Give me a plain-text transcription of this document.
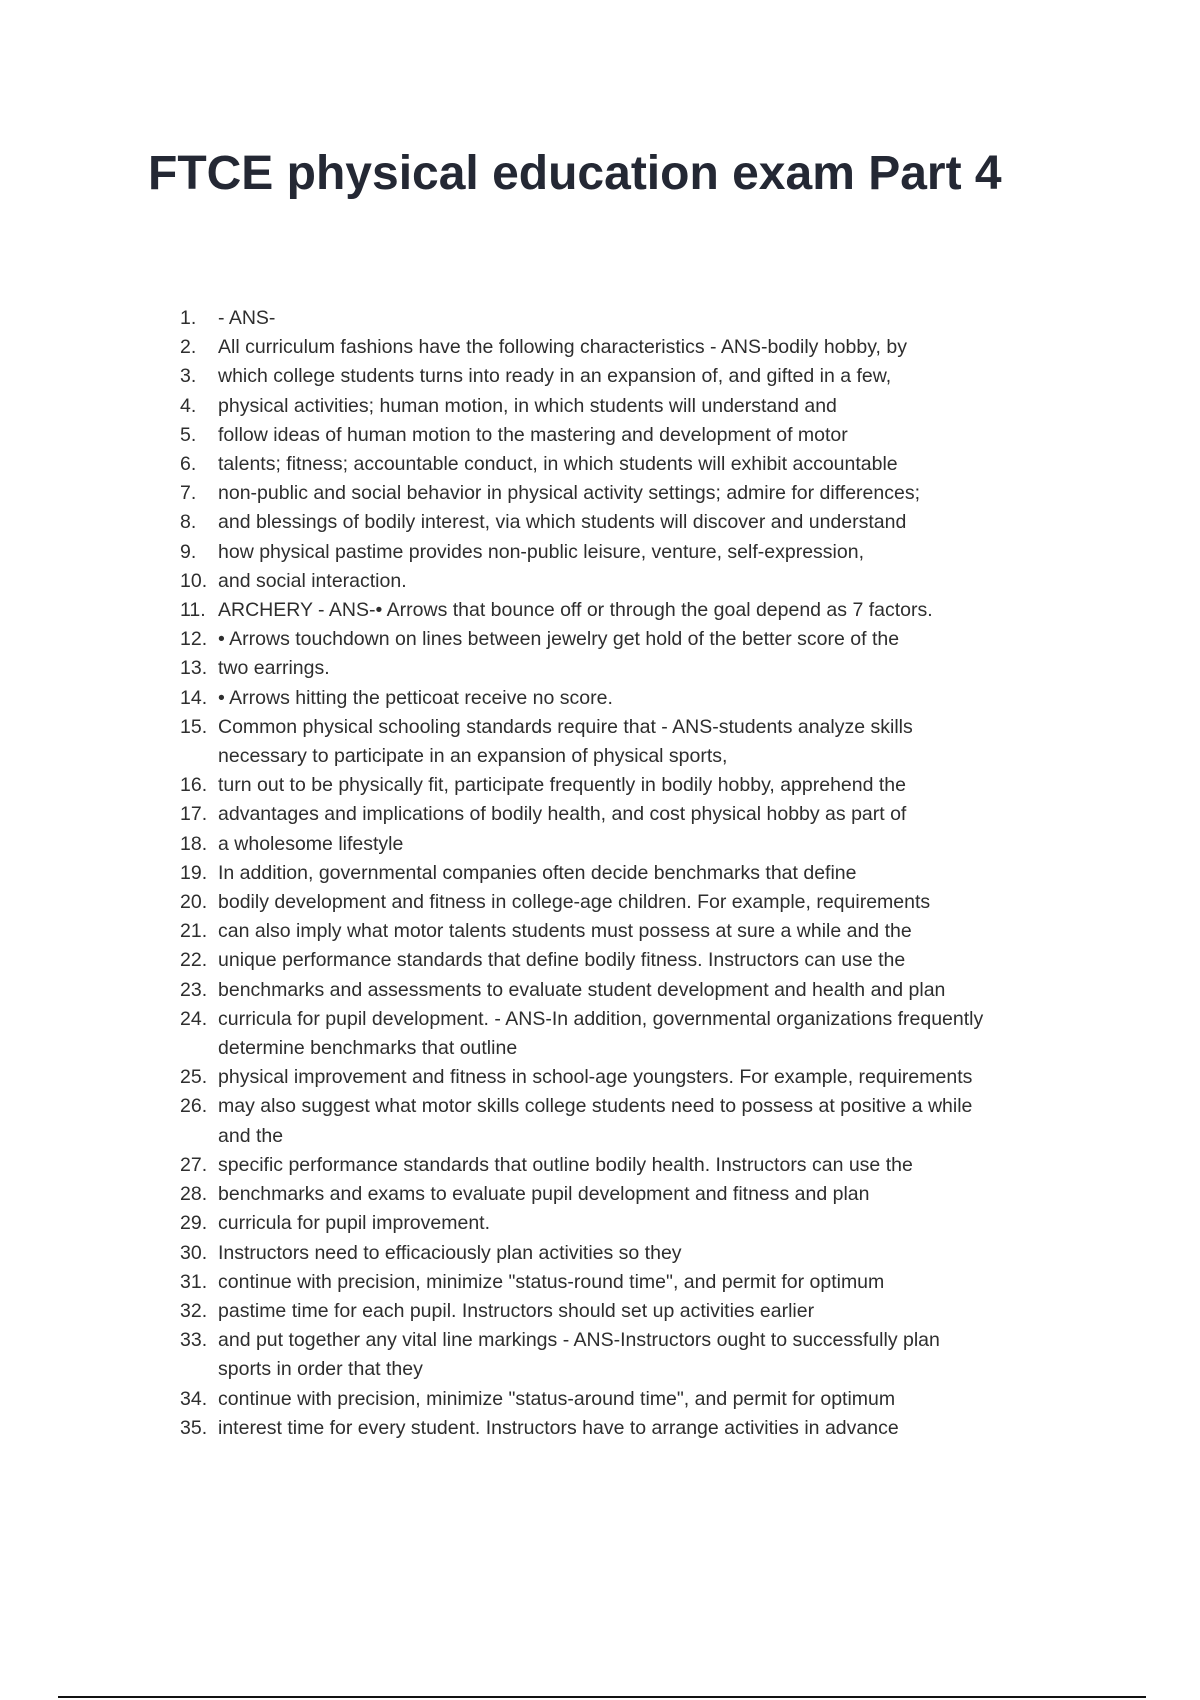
FTCE physical education exam Part 4
1. - ANS-
2. All curriculum fashions have the following characteristics - ANS-bodily hobby, by
3. which college students turns into ready in an expansion of, and gifted in a few,
4. physical activities; human motion, in which students will understand and
5. follow ideas of human motion to the mastering and development of motor
6. talents; fitness; accountable conduct, in which students will exhibit accountable
7. non-public and social behavior in physical activity settings; admire for differences;
8. and blessings of bodily interest, via which students will discover and understand
9. how physical pastime provides non-public leisure, venture, self-expression,
10. and social interaction.
11. ARCHERY - ANS-• Arrows that bounce off or through the goal depend as 7 factors.
12. • Arrows touchdown on lines between jewelry get hold of the better score of the
13. two earrings.
14. • Arrows hitting the petticoat receive no score.
15. Common physical schooling standards require that - ANS-students analyze skills
necessary to participate in an expansion of physical sports,
16. turn out to be physically fit, participate frequently in bodily hobby, apprehend the
17. advantages and implications of bodily health, and cost physical hobby as part of
18. a wholesome lifestyle
19. In addition, governmental companies often decide benchmarks that define
20. bodily development and fitness in college-age children. For example, requirements
21. can also imply what motor talents students must possess at sure a while and the
22. unique performance standards that define bodily fitness. Instructors can use the
23. benchmarks and assessments to evaluate student development and health and plan
24. curricula for pupil development. - ANS-In addition, governmental organizations frequently
determine benchmarks that outline
25. physical improvement and fitness in school-age youngsters. For example, requirements
26. may also suggest what motor skills college students need to possess at positive a while
and the
27. specific performance standards that outline bodily health. Instructors can use the
28. benchmarks and exams to evaluate pupil development and fitness and plan
29. curricula for pupil improvement.
30. Instructors need to efficaciously plan activities so they
31. continue with precision, minimize "status-round time", and permit for optimum
32. pastime time for each pupil. Instructors should set up activities earlier
33. and put together any vital line markings - ANS-Instructors ought to successfully plan
sports in order that they
34. continue with precision, minimize "status-around time", and permit for optimum
35. interest time for every student. Instructors have to arrange activities in advance
